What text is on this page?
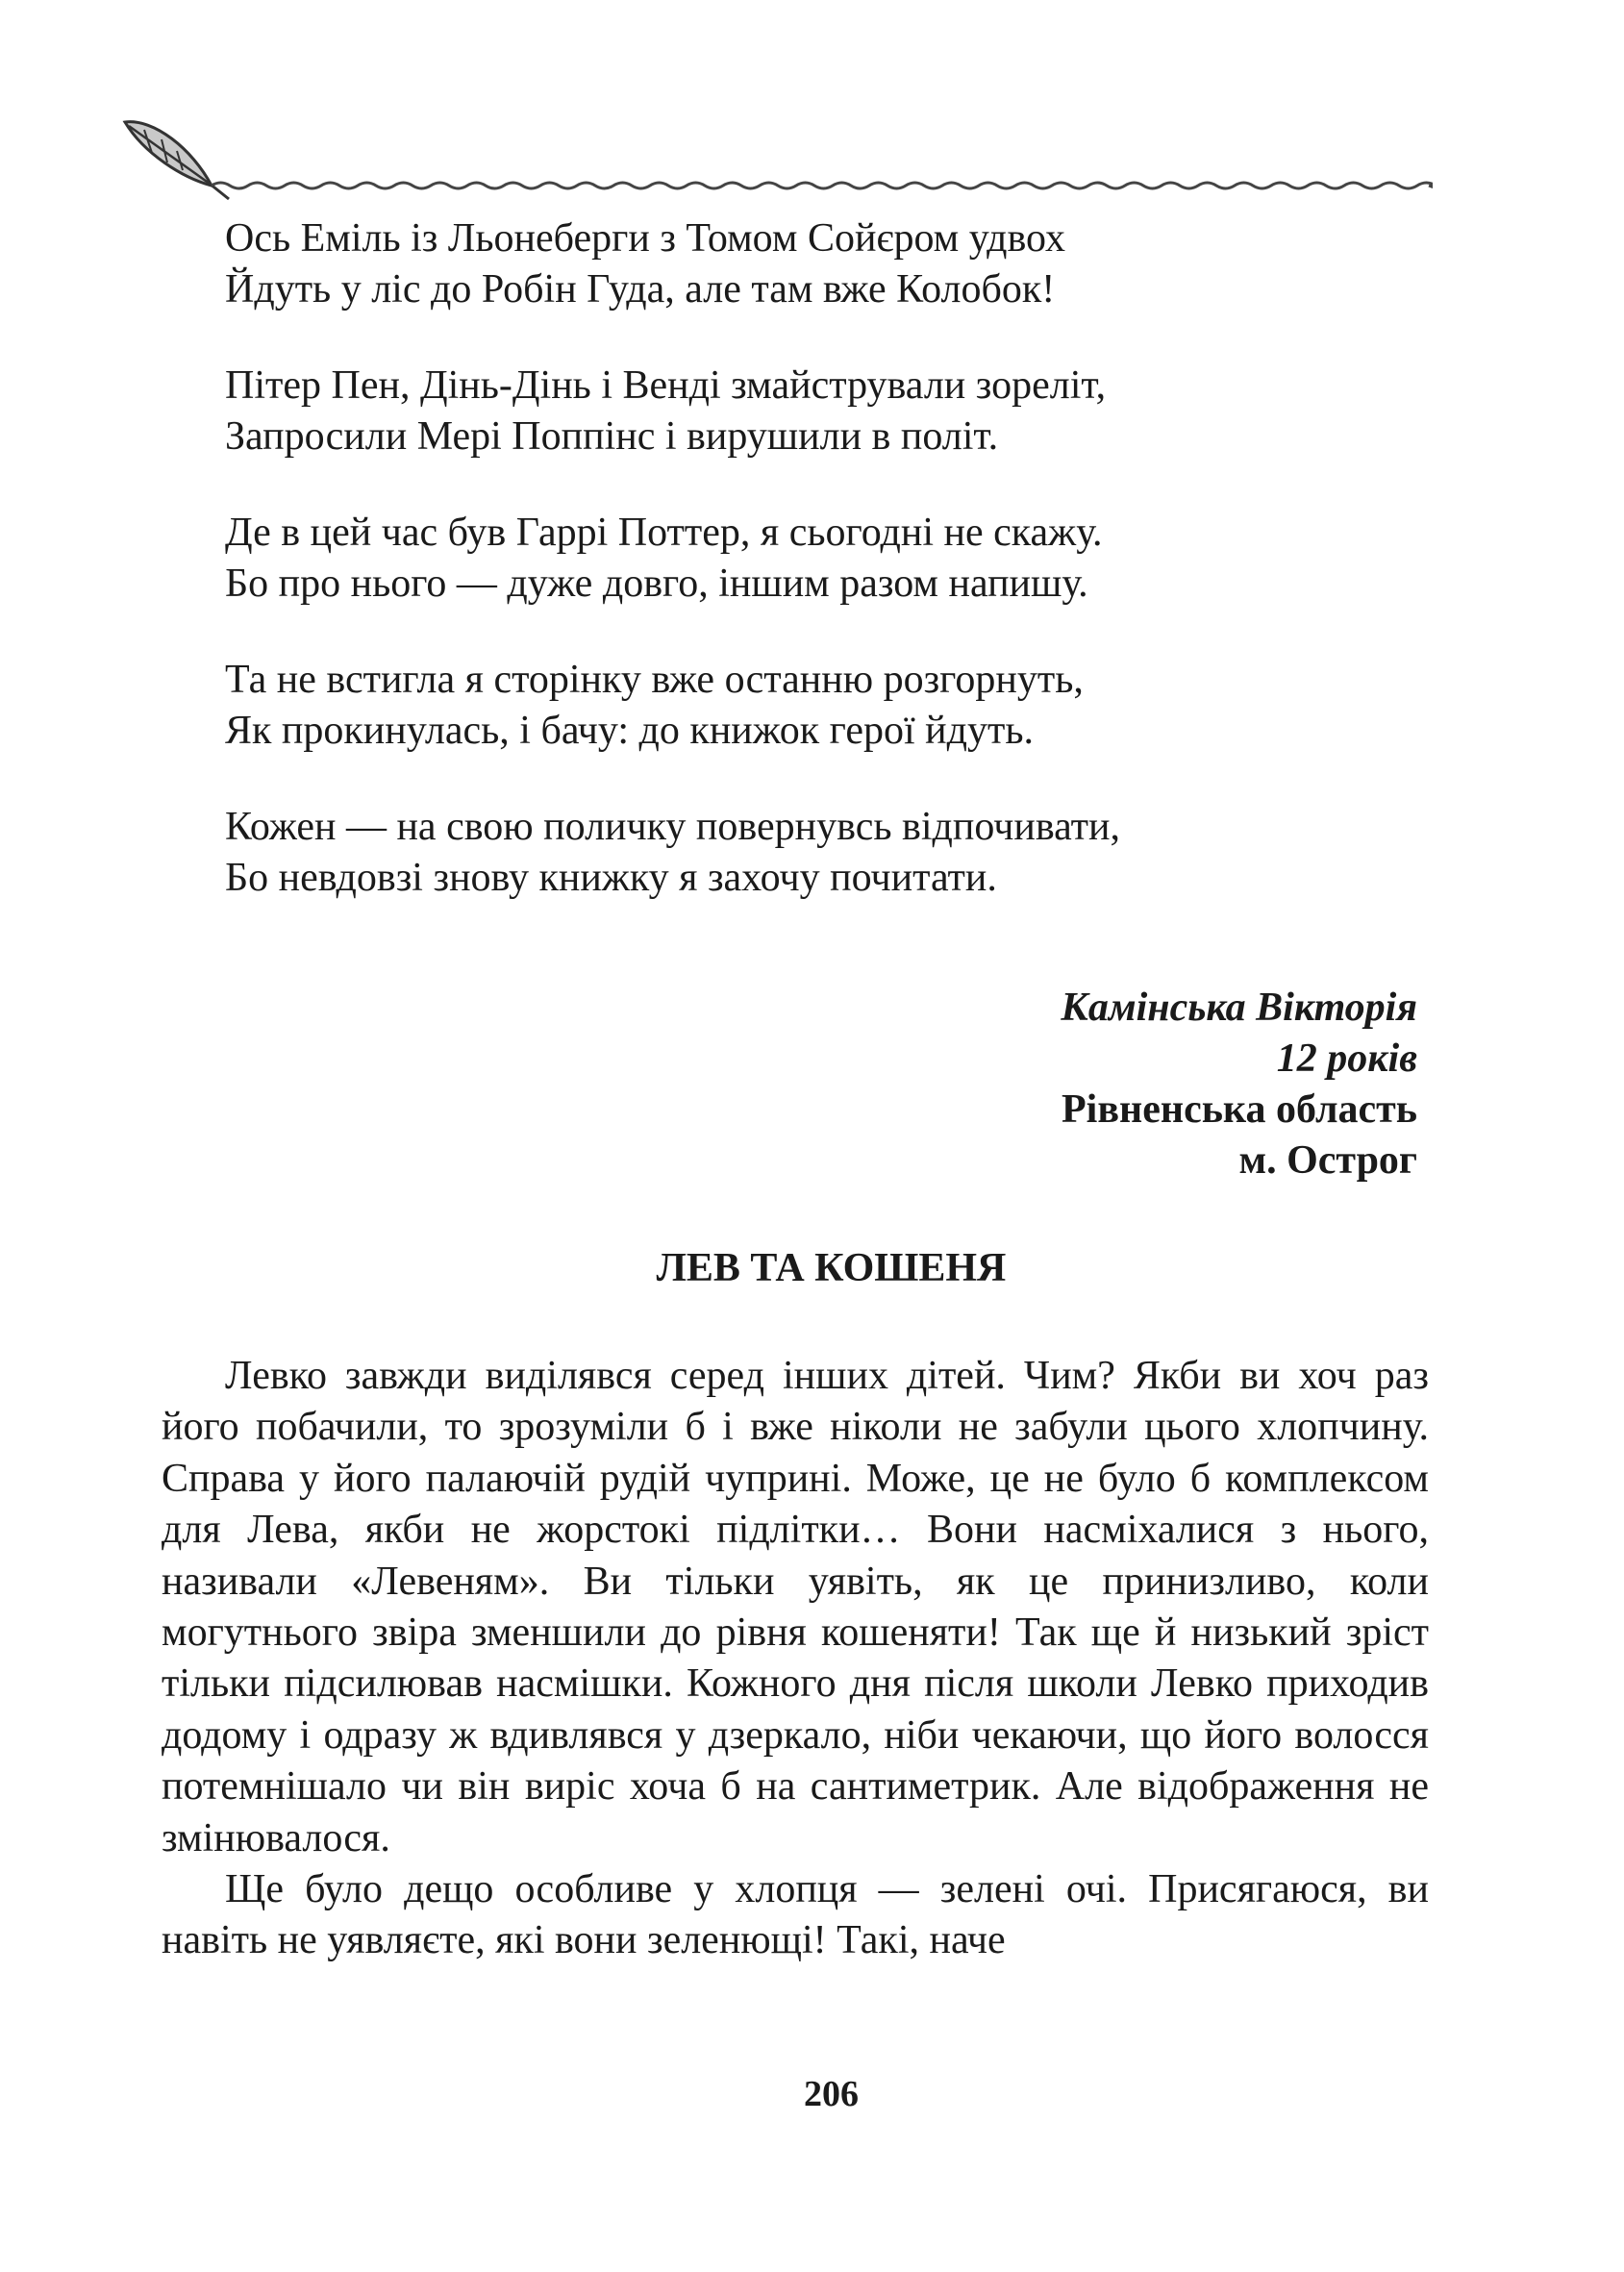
Ось Еміль із Льонеберги з Томом Сойєром удвох
Йдуть у ліс до Робін Гуда, але там вже Колобок!
Пітер Пен, Дінь-Дінь і Венді змайстрували зореліт,
Запросили Мері Поппінс і вирушили в політ.
Де в цей час був Гаррі Поттер, я сьогодні не скажу.
Бо про нього — дуже довго, іншим разом напишу.
Та не встигла я сторінку вже останню розгорнуть,
Як прокинулась, і бачу: до книжок герої йдуть.
Кожен — на свою поличку повернувсь відпочивати,
Бо невдовзі знову книжку я захочу почитати.
Камінська Вікторія
12 років
Рівненська область
м. Острог
ЛЕВ ТА КОШЕНЯ

Левко завжди виділявся серед інших дітей. Чим? Якби ви хоч раз його побачили, то зрозуміли б і вже ніколи не забули цього хлопчину. Справа у його палаючій рудій чуприні. Може, це не було б комплексом для Лева, якби не жорстокі підлітки… Вони насміхалися з нього, називали «Левеням». Ви тільки уявіть, як це принизливо, коли могутнього звіра зменшили до рівня кошеняти! Так ще й низький зріст тільки підсилював насмішки. Кожного дня після школи Левко приходив додому і одразу ж вдивлявся у дзеркало, ніби чекаючи, що його волосся потемнішало чи він виріс хоча б на сантиметрик. Але відображення не змінювалося.

Ще було дещо особливе у хлопця — зелені очі. Присягаюся, ви навіть не уявляєте, які вони зеленющі! Такі, наче

206
